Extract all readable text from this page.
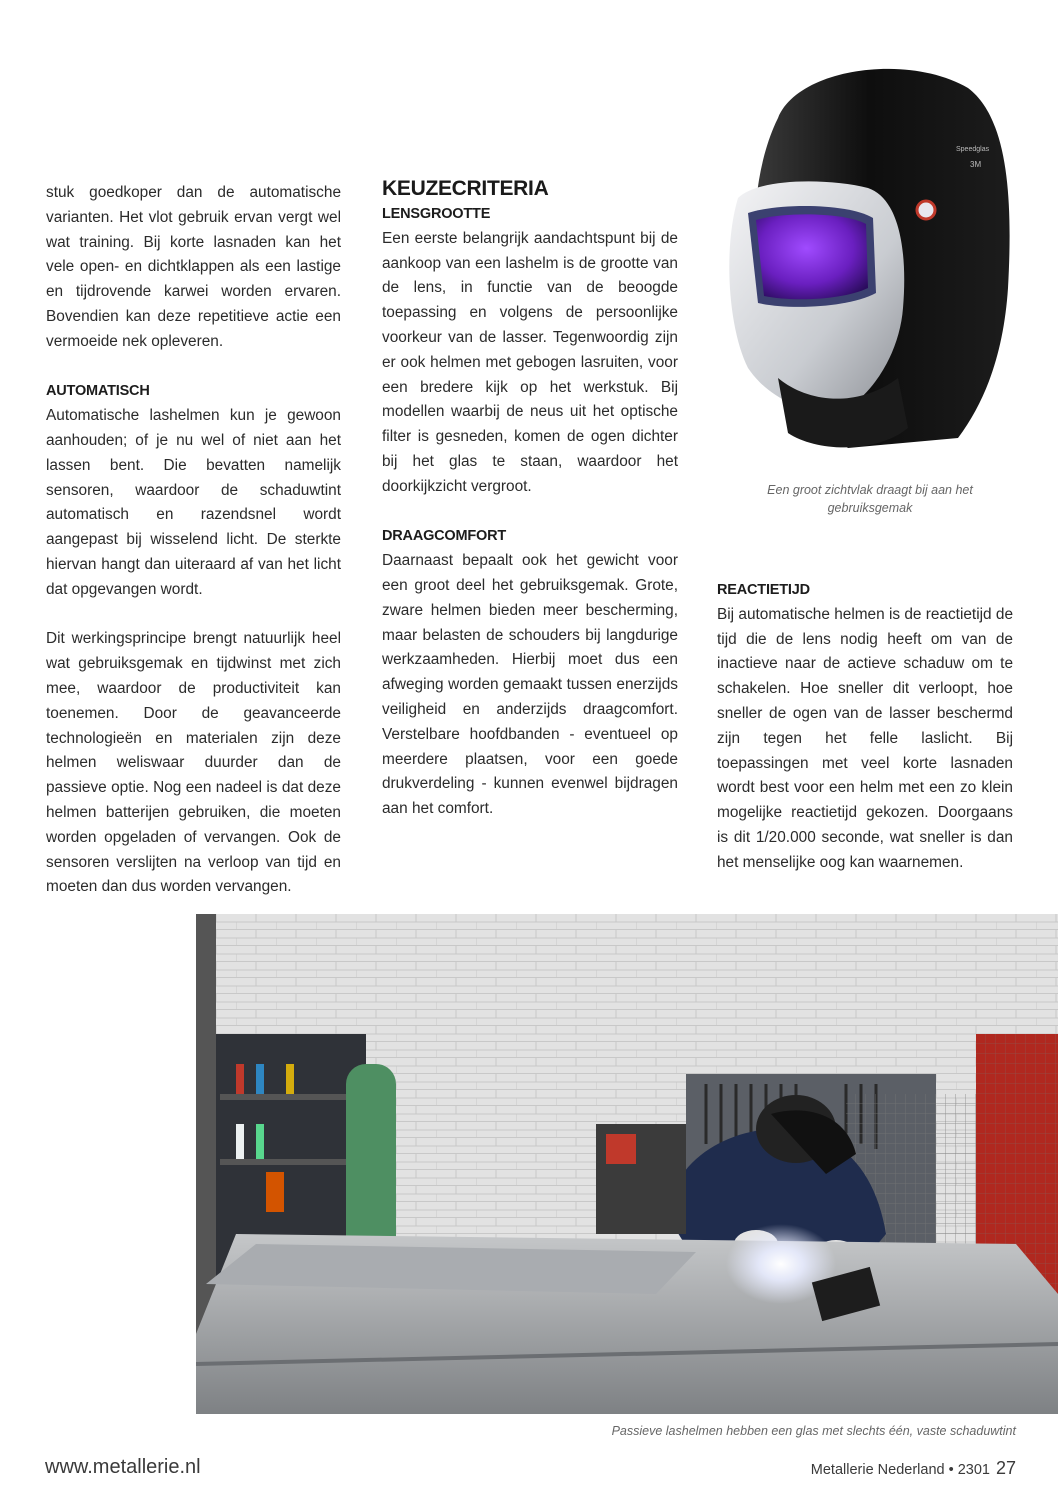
stuk goedkoper dan de automatische varianten. Het vlot gebruik ervan vergt wel wat training. Bij korte lasnaden kan het vele open- en dichtklappen als een lastige en tijdrovende karwei worden ervaren. Bovendien kan deze repetitieve actie een vermoeide nek opleveren.

AUTOMATISCH

Automatische lashelmen kun je gewoon aanhouden; of je nu wel of niet aan het lassen bent. Die bevatten namelijk sensoren, waardoor de schaduwtint automatisch en razendsnel wordt aangepast bij wisselend licht. De sterkte hiervan hangt dan uiteraard af van het licht dat opgevangen wordt.

Dit werkingsprincipe brengt natuurlijk heel wat gebruiksgemak en tijdwinst met zich mee, waardoor de productiviteit kan toenemen. Door de geavanceerde technologieën en materialen zijn deze helmen weliswaar duurder dan de passieve optie. Nog een nadeel is dat deze helmen batterijen gebruiken, die moeten worden opgeladen of vervangen. Ook de sensoren verslijten na verloop van tijd en moeten dan dus worden vervangen.

KEUZECRITERIA
LENSGROOTTE

Een eerste belangrijk aandachtspunt bij de aankoop van een lashelm is de grootte van de lens, in functie van de beoogde toepassing en volgens de persoonlijke voorkeur van de lasser. Tegenwoordig zijn er ook helmen met gebogen lasruiten, voor een bredere kijk op het werkstuk. Bij modellen waarbij de neus uit het optische filter is gesneden, komen de ogen dichter bij het glas te staan, waardoor het doorkijkzicht vergroot.

DRAAGCOMFORT

Daarnaast bepaalt ook het gewicht voor een groot deel het gebruiksgemak. Grote, zware helmen bieden meer bescherming, maar belasten de schouders bij langdurige werkzaamheden. Hierbij moet dus een afweging worden gemaakt tussen enerzijds veiligheid en anderzijds draagcomfort. Verstelbare hoofdbanden - eventueel op meerdere plaatsen, voor een goede drukverdeling - kunnen evenwel bijdragen aan het comfort.

REACTIETIJD

Bij automatische helmen is de reactietijd de tijd die de lens nodig heeft om van de inactieve naar de actieve schaduw om te schakelen. Hoe sneller dit verloopt, hoe sneller de ogen van de lasser beschermd zijn tegen het felle laslicht. Bij toepassingen met veel korte lasnaden wordt best voor een helm met een zo klein mogelijke reactietijd gekozen. Doorgaans is dit 1/20.000 seconde, wat sneller is dan het menselijke oog kan waarnemen.

Speedglas
3M
Een groot zichtvlak draagt bij aan het gebruiksgemak
Passieve lashelmen hebben een glas met slechts één, vaste schaduwtint
www.metallerie.nl	Metallerie Nederland • 2301 27
